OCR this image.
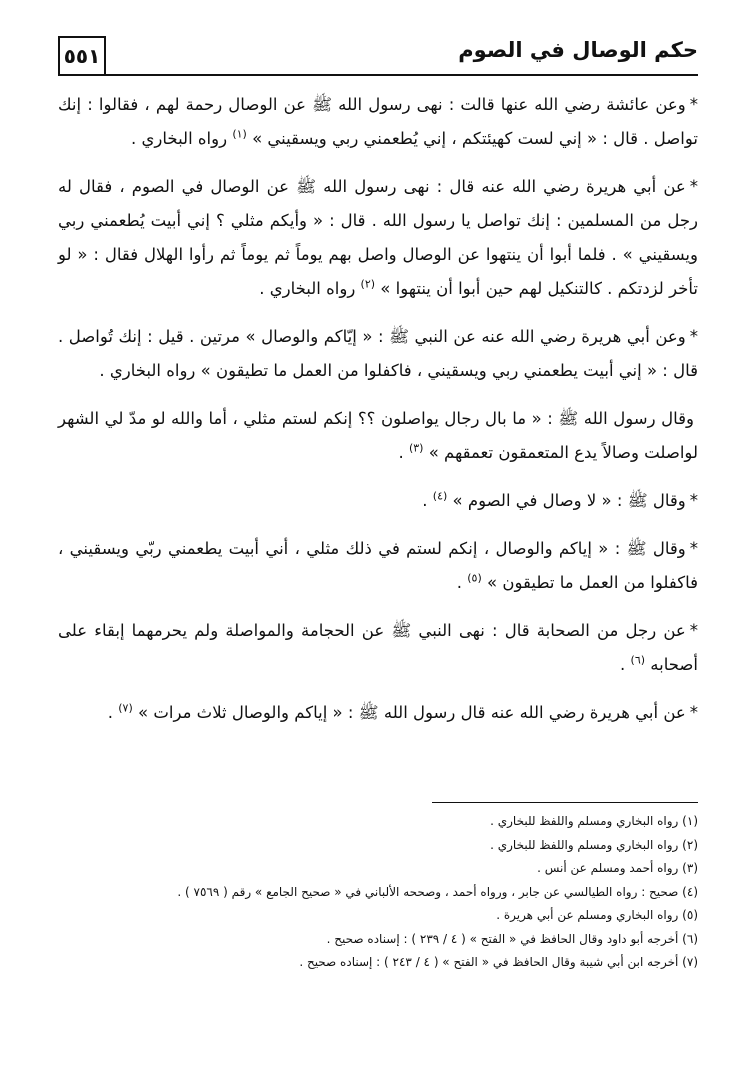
٥٥١	حكم الوصال في الصوم

*وعن عائشة رضي الله عنها قالت : نهى رسول الله ﷺ عن الوصال رحمة لهم ، فقالوا : إنك تواصل . قال : « إني لست كهيئتكم ، إني يُطعمني ربي ويسقيني » $^{(١)}$ رواه البخاري .

*عن أبي هريرة رضي الله عنه قال : نهى رسول الله ﷺ عن الوصال في الصوم ، فقال له رجل من المسلمين : إنك تواصل يا رسول الله . قال : « وأيكم مثلي ؟ إني أبيت يُطعمني ربي ويسقيني » . فلما أبوا أن ينتهوا عن الوصال واصل بهم يوماً ثم يوماً ثم رأوا الهلال فقال : « لو تأخر لزدتكم . كالتنكيل لهم حين أبوا أن ينتهوا » $^{(٢)}$ رواه البخاري .

*وعن أبي هريرة رضي الله عنه عن النبي ﷺ : « إيّاكم والوصال » مرتين . قيل : إنك تُواصل . قال : « إني أبيت يطعمني ربي ويسقيني ، فاكفلوا من العمل ما تطيقون » رواه البخاري .

وقال رسول الله ﷺ : « ما بال رجال يواصلون ؟؟ إنكم لستم مثلي ، أما والله لو مدّ لي الشهر لواصلت وصالاً يدع المتعمقون تعمقهم » $^{(٣)}$ .

*وقال ﷺ : « لا وصال في الصوم » $^{(٤)}$ .

*وقال ﷺ : « إياكم والوصال ، إنكم لستم في ذلك مثلي ، أني أبيت يطعمني ربّي ويسقيني ، فاكفلوا من العمل ما تطيقون » $^{(٥)}$ .

*عن رجل من الصحابة قال : نهى النبي ﷺ عن الحجامة والمواصلة ولم يحرمهما إبقاء على أصحابه $^{(٦)}$ .

*عن أبي هريرة رضي الله عنه قال رسول الله ﷺ : « إياكم والوصال ثلاث مرات » $^{(٧)}$ .

(١) رواه البخاري ومسلم واللفظ للبخاري .

(٢) رواه البخاري ومسلم واللفظ للبخاري .

(٣) رواه أحمد ومسلم عن أنس .

(٤) صحيح : رواه الطيالسي عن جابر ، ورواه أحمد ، وصححه الألباني في « صحيح الجامع » رقم ( ٧٥٦٩ ) .

(٥) رواه البخاري ومسلم عن أبي هريرة .

(٦) أخرجه أبو داود وقال الحافظ في « الفتح » ( ٤ / ٢٣٩ ) : إسناده صحيح .

(٧) أخرجه ابن أبي شيبة وقال الحافظ في « الفتح » ( ٤ / ٢٤٣ ) : إسناده صحيح .
